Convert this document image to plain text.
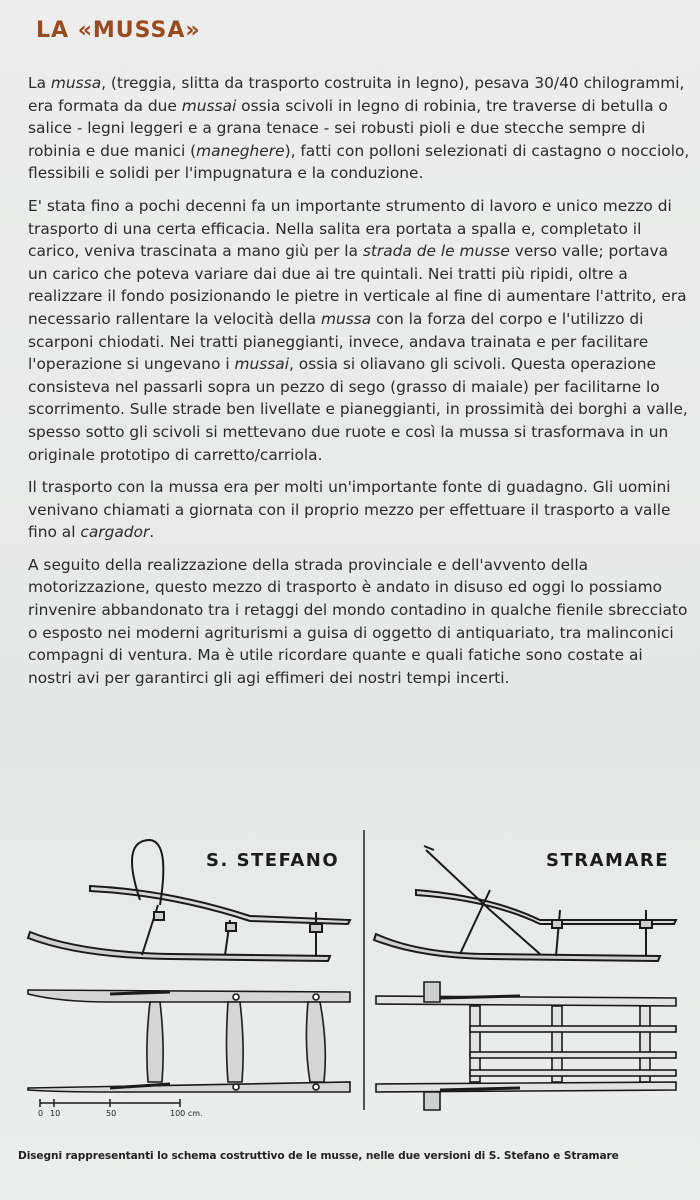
LA «MUSSA»

La mussa, (treggia, slitta da trasporto costruita in legno), pesava 30/40 chilogrammi, era formata da due mussai ossia scivoli in legno di robinia, tre traverse di betulla o salice - legni leggeri e a grana tenace - sei robusti pioli e due stecche sempre di robinia e due manici (maneghere), fatti con polloni selezionati di castagno o nocciolo, flessibili e solidi per l'impugnatura e la conduzione.

E' stata fino a pochi decenni fa un importante strumento di lavoro e unico mezzo di trasporto di una certa efficacia. Nella salita era portata a spalla e, completato il carico, veniva trascinata a mano giù per la strada de le musse verso valle; portava un carico che poteva variare dai due ai tre quintali. Nei tratti più ripidi, oltre a realizzare il fondo posizionando le pietre in verticale al fine di aumentare l'attrito, era necessario rallentare la velocità della mussa con la forza del corpo e l'utilizzo di scarponi chiodati. Nei tratti pianeggianti, invece, andava trainata e per facilitare l'operazione si ungevano i mussai, ossia si oliavano gli scivoli. Questa operazione consisteva nel passarli sopra un pezzo di sego (grasso di maiale) per facilitarne lo scorrimento. Sulle strade ben livellate e pianeggianti, in prossimità dei borghi a valle, spesso sotto gli scivoli si mettevano due ruote e così la mussa si trasformava in un originale prototipo di carretto/carriola.

Il trasporto con la mussa era per molti un'importante fonte di guadagno. Gli uomini venivano chiamati a giornata con il proprio mezzo per effettuare il trasporto a valle fino al cargador.

A seguito della realizzazione della strada provinciale e dell'avvento della motorizzazione, questo mezzo di trasporto è andato in disuso ed oggi lo possiamo rinvenire abbandonato tra i retaggi del mondo contadino in qualche fienile sbrecciato o esposto nei moderni agriturismi a guisa di oggetto di antiquariato, tra malinconici compagni di ventura. Ma è utile ricordare quante e quali fatiche sono costate ai nostri avi per garantirci gli agi effimeri dei nostri tempi incerti.

S. STEFANO	STRAMARE
0 10	50	100 cm.
Disegni rappresentanti lo schema costruttivo de le musse, nelle due versioni di S. Stefano e Stramare
